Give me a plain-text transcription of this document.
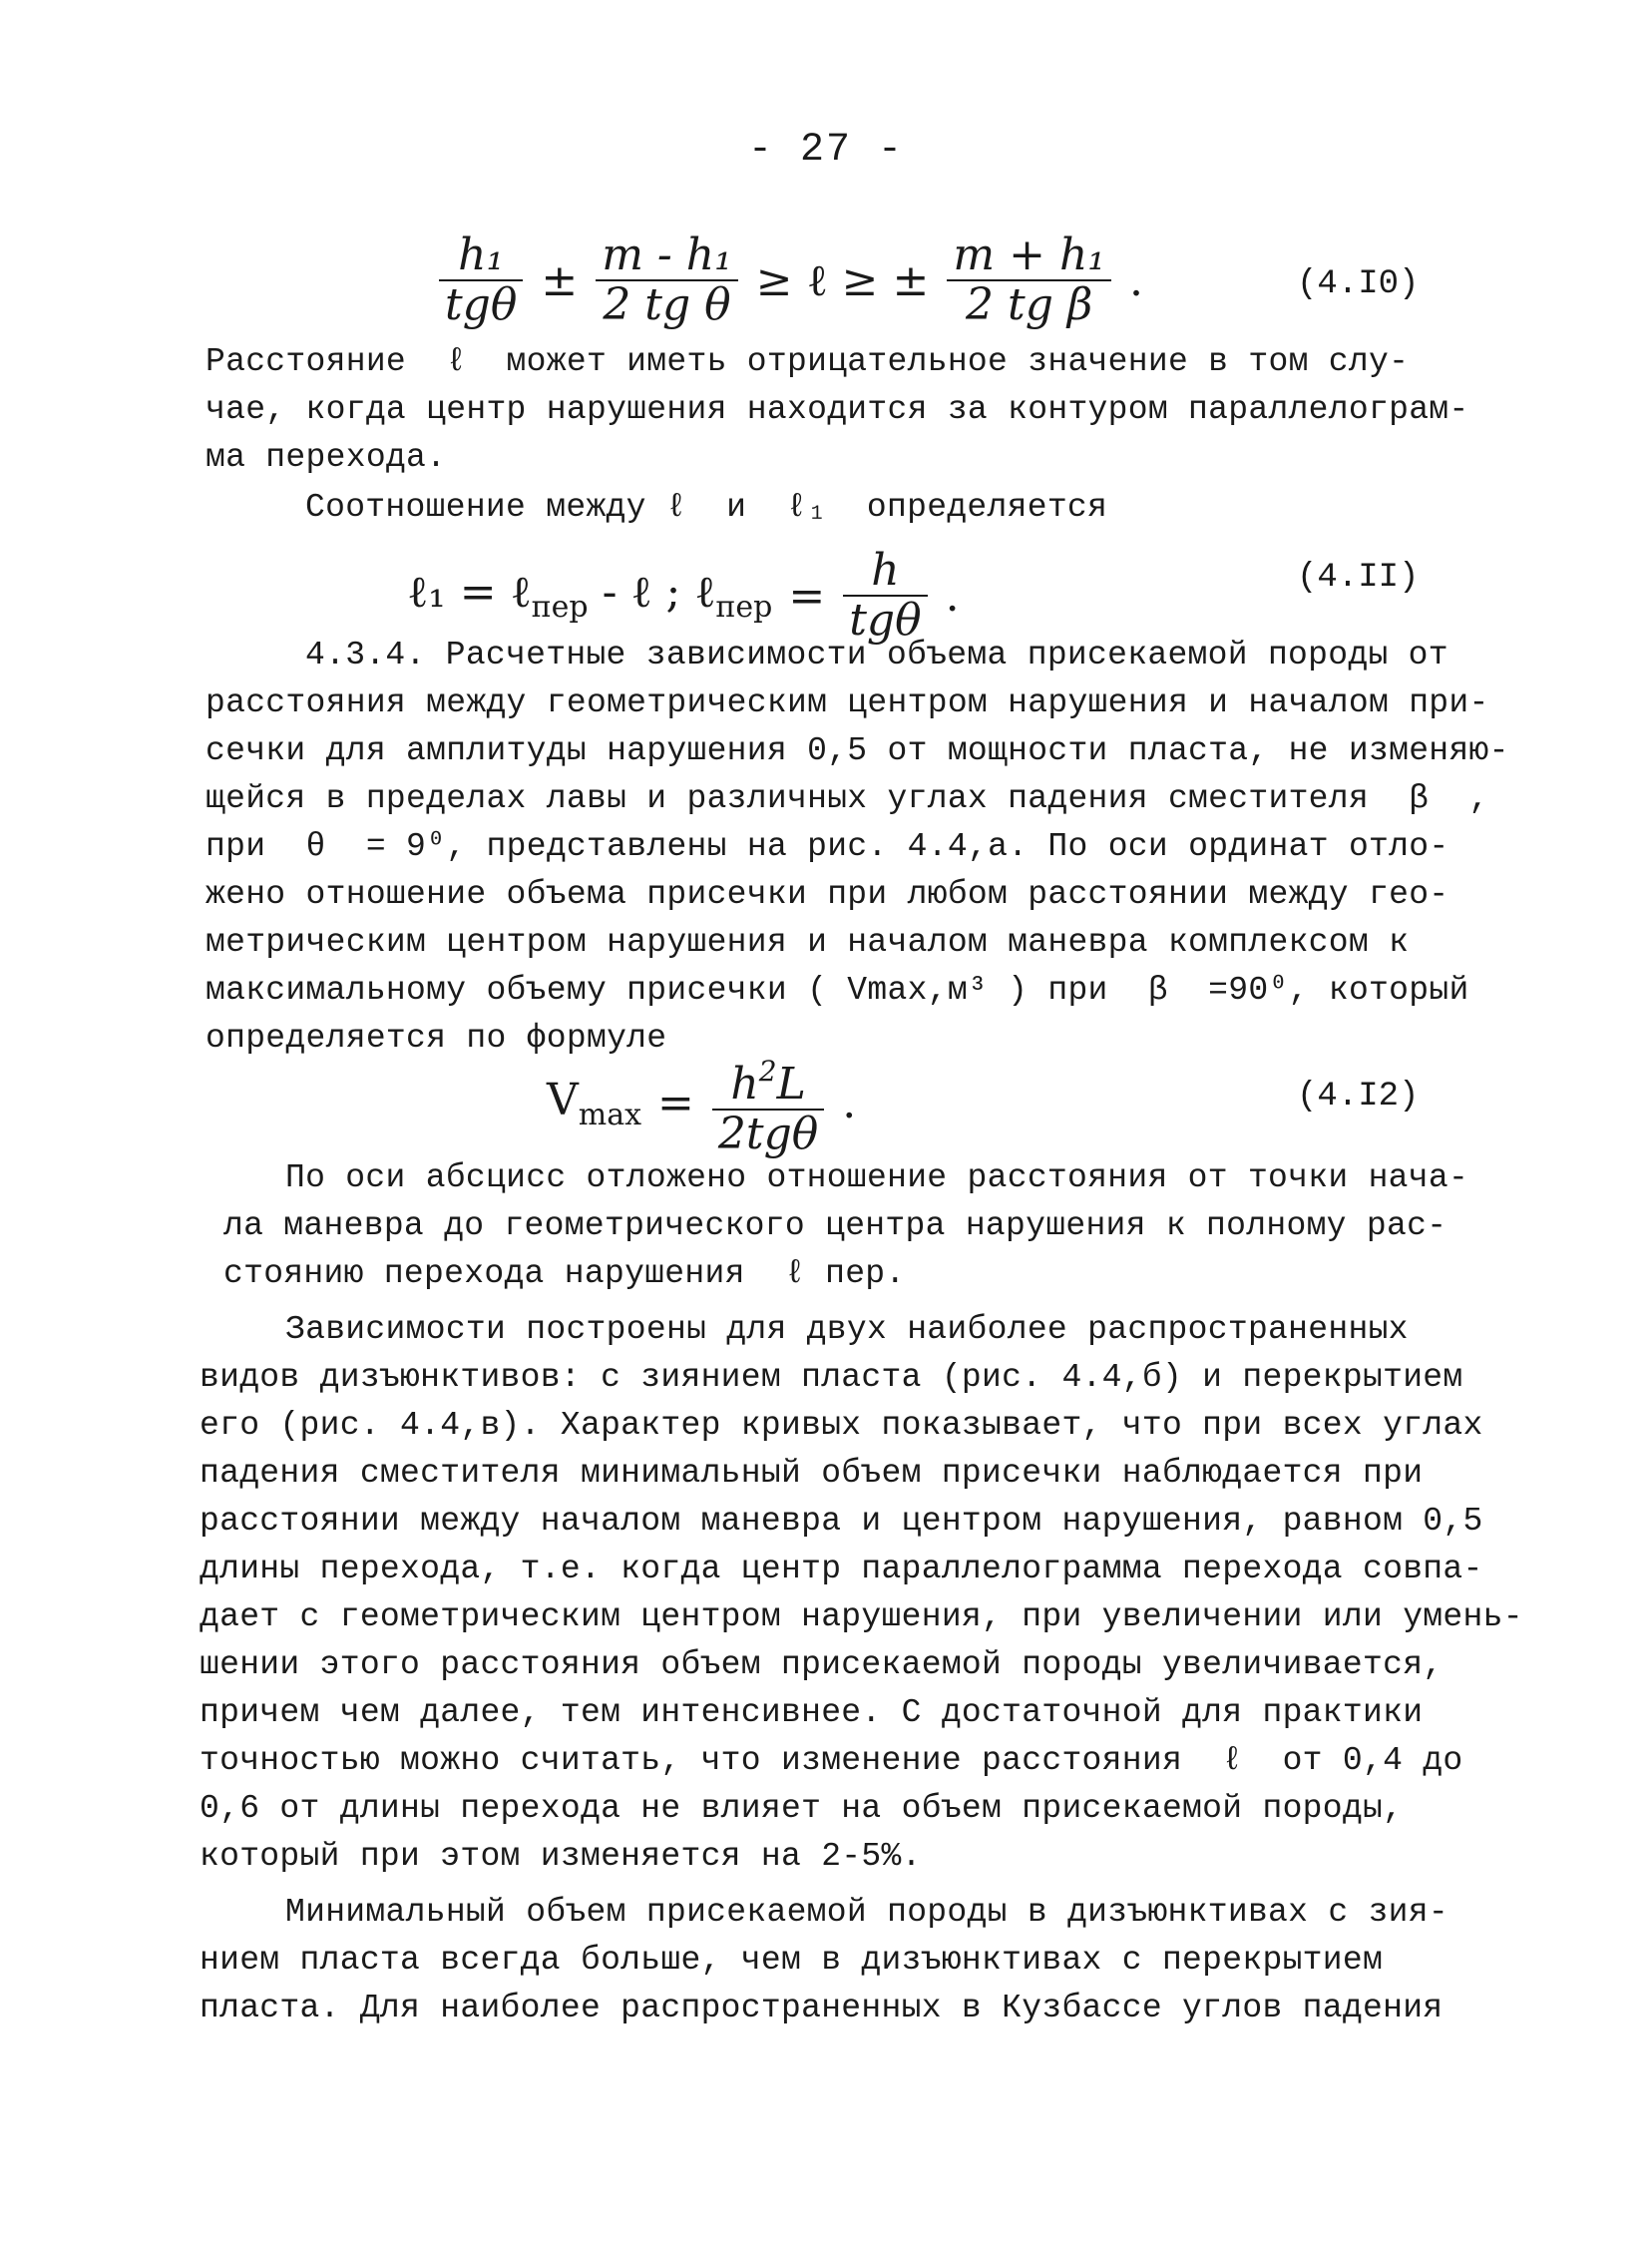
- 27 -
$\frac{\text{h₁}}{\text{tgθ}} \pm \frac{\text{m - h₁}}{\text{2 tg θ}}$ ≥ ℓ ≥ ± $\frac{\text{m + h₁}}{\text{2 tg β}}$ .	(4.I0)
Расстояние  ℓ  может иметь отрицательное значение в том слу-
чае, когда центр нарушения находится за контуром параллелограм-
ма перехода.
Соотношение между ℓ  и  ℓ₁  определяется
ℓ₁ = ℓ$_{пер}$ - ℓ ; ℓ$_{пер}$ = $\frac{h}{\text{tgθ}}$ .	(4.II)
4.3.4. Расчетные зависимости объема присекаемой породы от
расстояния между геометрическим центром нарушения и началом при-
сечки для амплитуды нарушения 0,5 от мощности пласта, не изменяю-
щейся в пределах лавы и различных углах падения сместителя  β  ,
при  θ  = 9⁰, представлены на рис. 4.4,а. По оси ординат отло-
жено отношение объема присечки при любом расстоянии между гео-
метрическим центром нарушения и началом маневра комплексом к
максимальному объему присечки ( Vmax,м³ ) при  β  =90⁰, который
определяется по формуле
$V_{max} = \frac{h^2L}{\text{2tgθ}}$ .	(4.I2)
По оси абсцисс отложено отношение расстояния от точки нача-
ла маневра до геометрического центра нарушения к полному рас-
стоянию перехода нарушения  ℓ пер.
Зависимости построены для двух наиболее распространенных
видов дизъюнктивов: с зиянием пласта (рис. 4.4,б) и перекрытием
его (рис. 4.4,в). Характер кривых показывает, что при всех углах
падения сместителя минимальный объем присечки наблюдается при
расстоянии между началом маневра и центром нарушения, равном 0,5
длины перехода, т.е. когда центр параллелограмма перехода совпа-
дает с геометрическим центром нарушения, при увеличении или умень-
шении этого расстояния объем присекаемой породы увеличивается,
причем чем далее, тем интенсивнее. С достаточной для практики
точностью можно считать, что изменение расстояния  ℓ  от 0,4 до
0,6 от длины перехода не влияет на объем присекаемой породы,
который при этом изменяется на 2-5%.
Минимальный объем присекаемой породы в дизъюнктивах с зия-
нием пласта всегда больше, чем в дизъюнктивах с перекрытием
пласта. Для наиболее распространенных в Кузбассе углов падения
